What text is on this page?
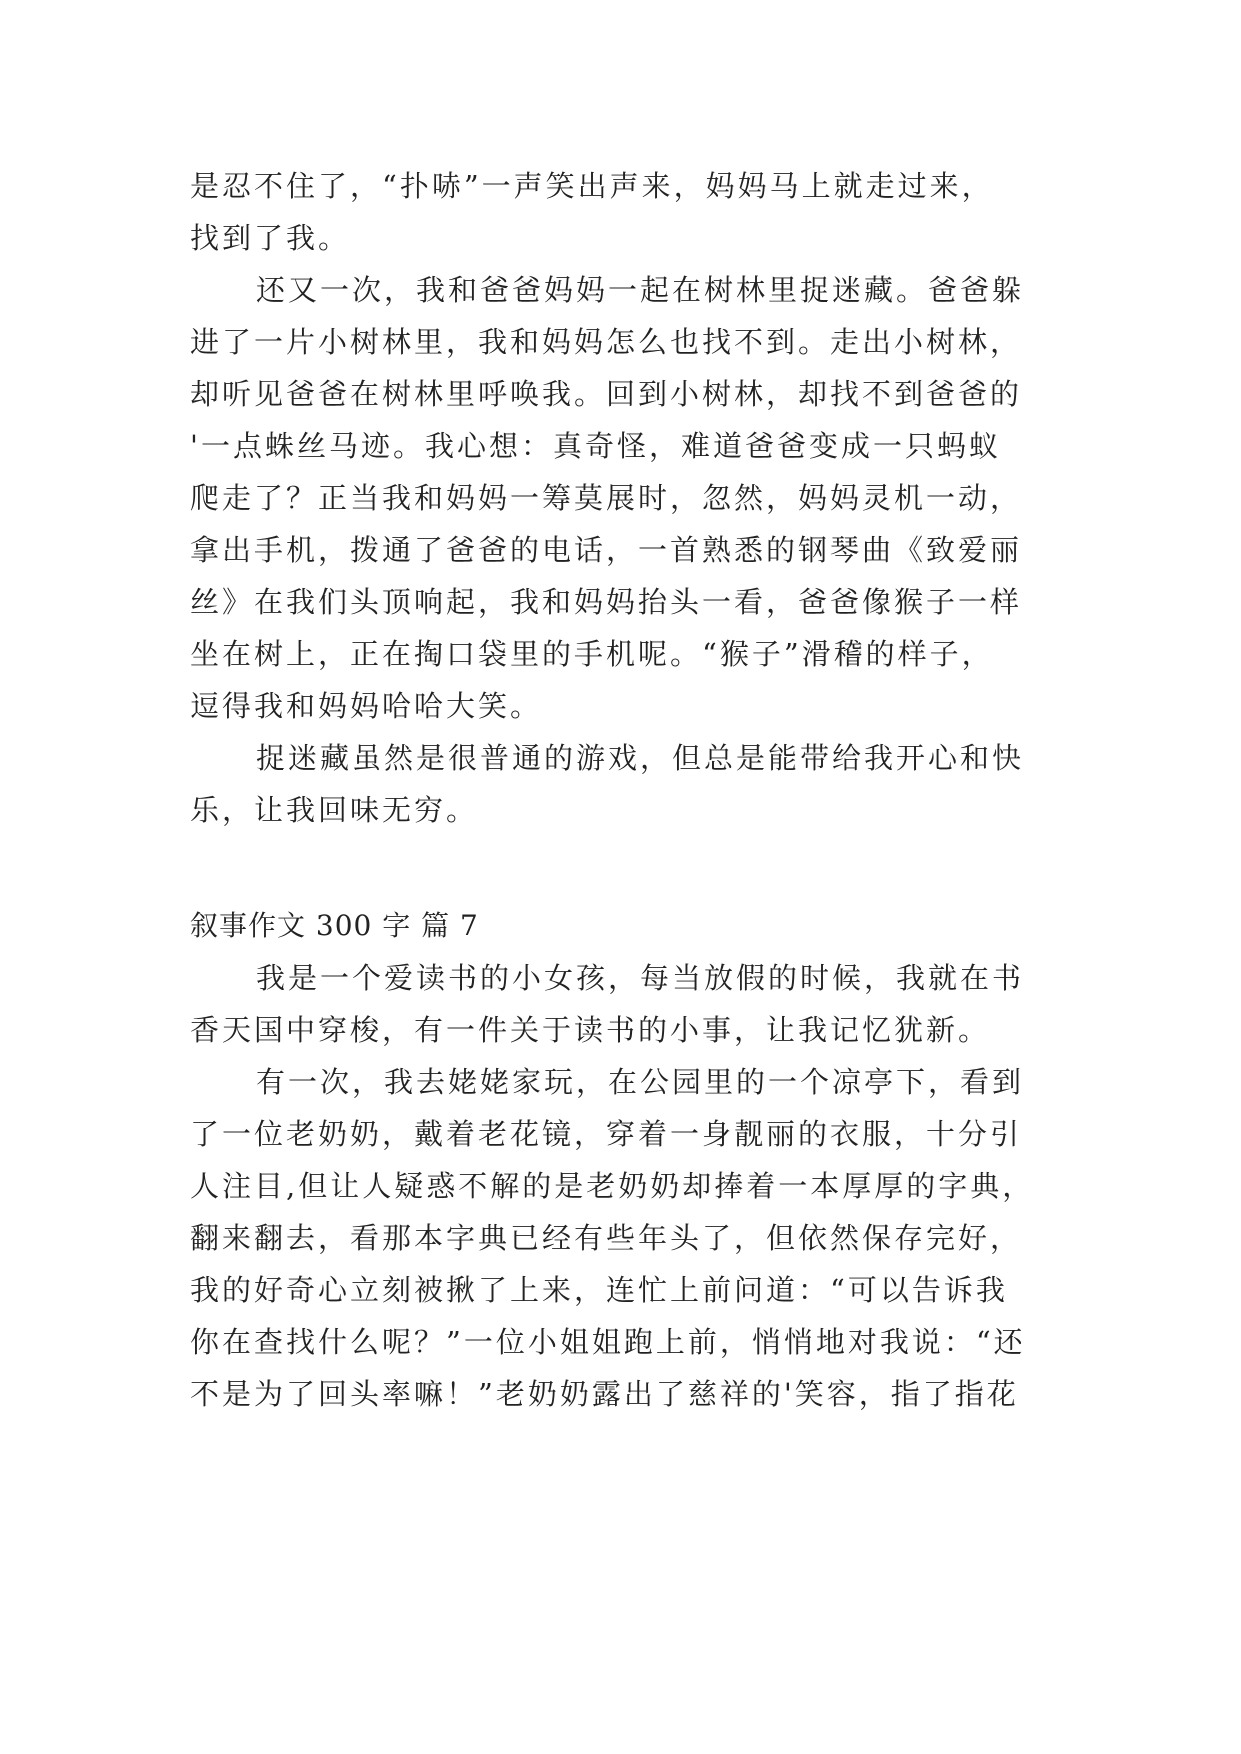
是忍不住了，“扑哧”一声笑出声来，妈妈马上就走过来，
找到了我。
还又一次，我和爸爸妈妈一起在树林里捉迷藏。爸爸躲
进了一片小树林里，我和妈妈怎么也找不到。走出小树林，
却听见爸爸在树林里呼唤我。回到小树林，却找不到爸爸的
'一点蛛丝马迹。我心想：真奇怪，难道爸爸变成一只蚂蚁
爬走了？正当我和妈妈一筹莫展时，忽然，妈妈灵机一动，
拿出手机，拨通了爸爸的电话，一首熟悉的钢琴曲《致爱丽
丝》在我们头顶响起，我和妈妈抬头一看，爸爸像猴子一样
坐在树上，正在掏口袋里的手机呢。“猴子”滑稽的样子，
逗得我和妈妈哈哈大笑。
捉迷藏虽然是很普通的游戏，但总是能带给我开心和快
乐，让我回味无穷。
叙事作文 300 字 篇 7
我是一个爱读书的小女孩，每当放假的时候，我就在书
香天国中穿梭，有一件关于读书的小事，让我记忆犹新。
有一次，我去姥姥家玩，在公园里的一个凉亭下，看到
了一位老奶奶，戴着老花镜，穿着一身靓丽的衣服，十分引
人注目,但让人疑惑不解的是老奶奶却捧着一本厚厚的字典，
翻来翻去，看那本字典已经有些年头了，但依然保存完好，
我的好奇心立刻被揪了上来，连忙上前问道：“可以告诉我
你在查找什么呢？”一位小姐姐跑上前，悄悄地对我说：“还
不是为了回头率嘛！”老奶奶露出了慈祥的'笑容，指了指花
